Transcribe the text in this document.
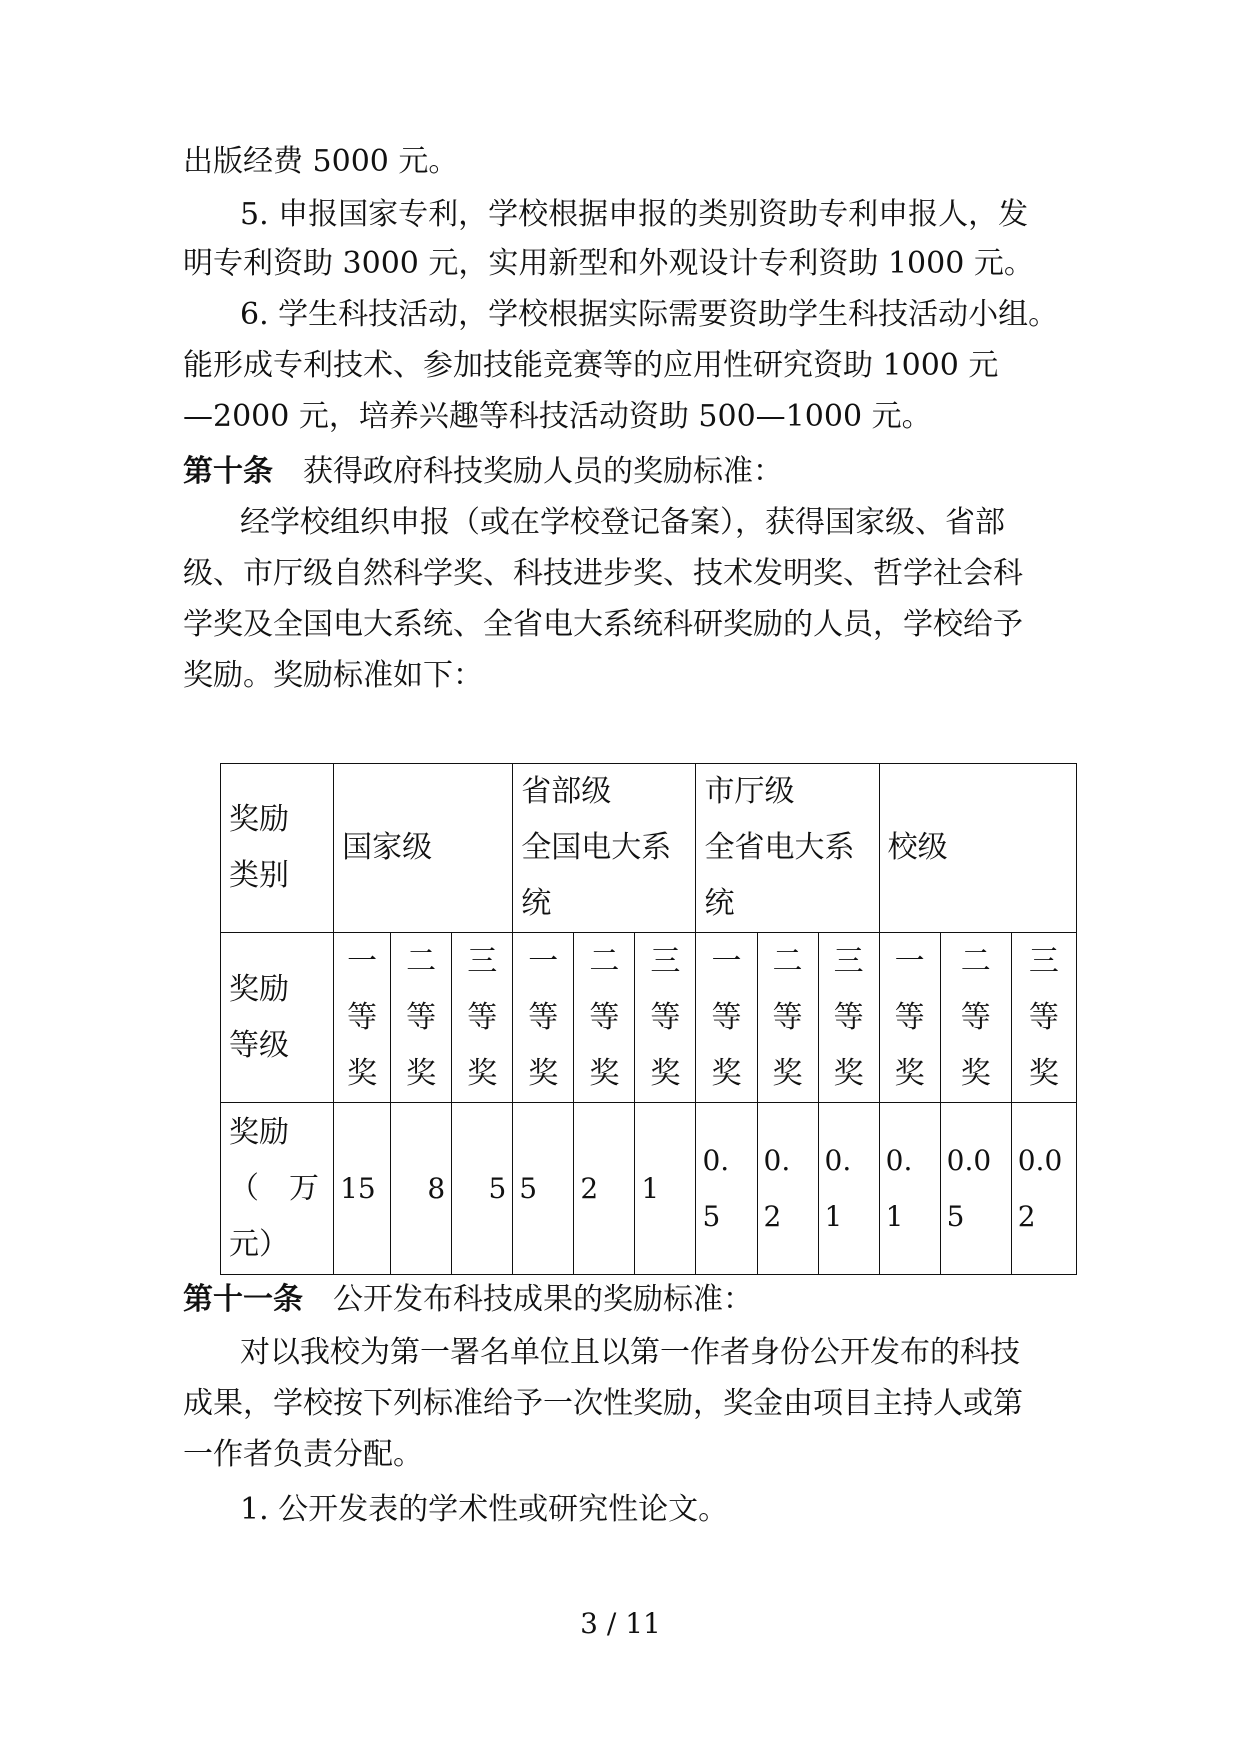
出版经费 5000 元。
5. 申报国家专利，学校根据申报的类别资助专利申报人，发
明专利资助 3000 元，实用新型和外观设计专利资助 1000 元。
6. 学生科技活动，学校根据实际需要资助学生科技活动小组。
能形成专利技术、参加技能竞赛等的应用性研究资助 1000 元
—2000 元，培养兴趣等科技活动资助 500—1000 元。
第十条 获得政府科技奖励人员的奖励标准：
经学校组织申报（或在学校登记备案），获得国家级、省部
级、市厅级自然科学奖、科技进步奖、技术发明奖、哲学社会科
学奖及全国电大系统、全省电大系统科研奖励的人员，学校给予
奖励。奖励标准如下：
奖励
类别	国家级			省部级
全国电大系
统			市厅级
全省电大系
统			校级		

奖励
等级	一
等
奖	二
等
奖	三
等
奖	一
等
奖	二
等
奖	三
等
奖	一
等
奖	二
等
奖	三
等
奖	一
等
奖	二
等
奖	三
等
奖

奖励
（　万
元）	15	8	5	5	2	1	0.
5	0.
2	0.
1	0.
1	0.0
5	0.0
2
第十一条 公开发布科技成果的奖励标准：
对以我校为第一署名单位且以第一作者身份公开发布的科技
成果，学校按下列标准给予一次性奖励，奖金由项目主持人或第
一作者负责分配。
1. 公开发表的学术性或研究性论文。
3 / 11
